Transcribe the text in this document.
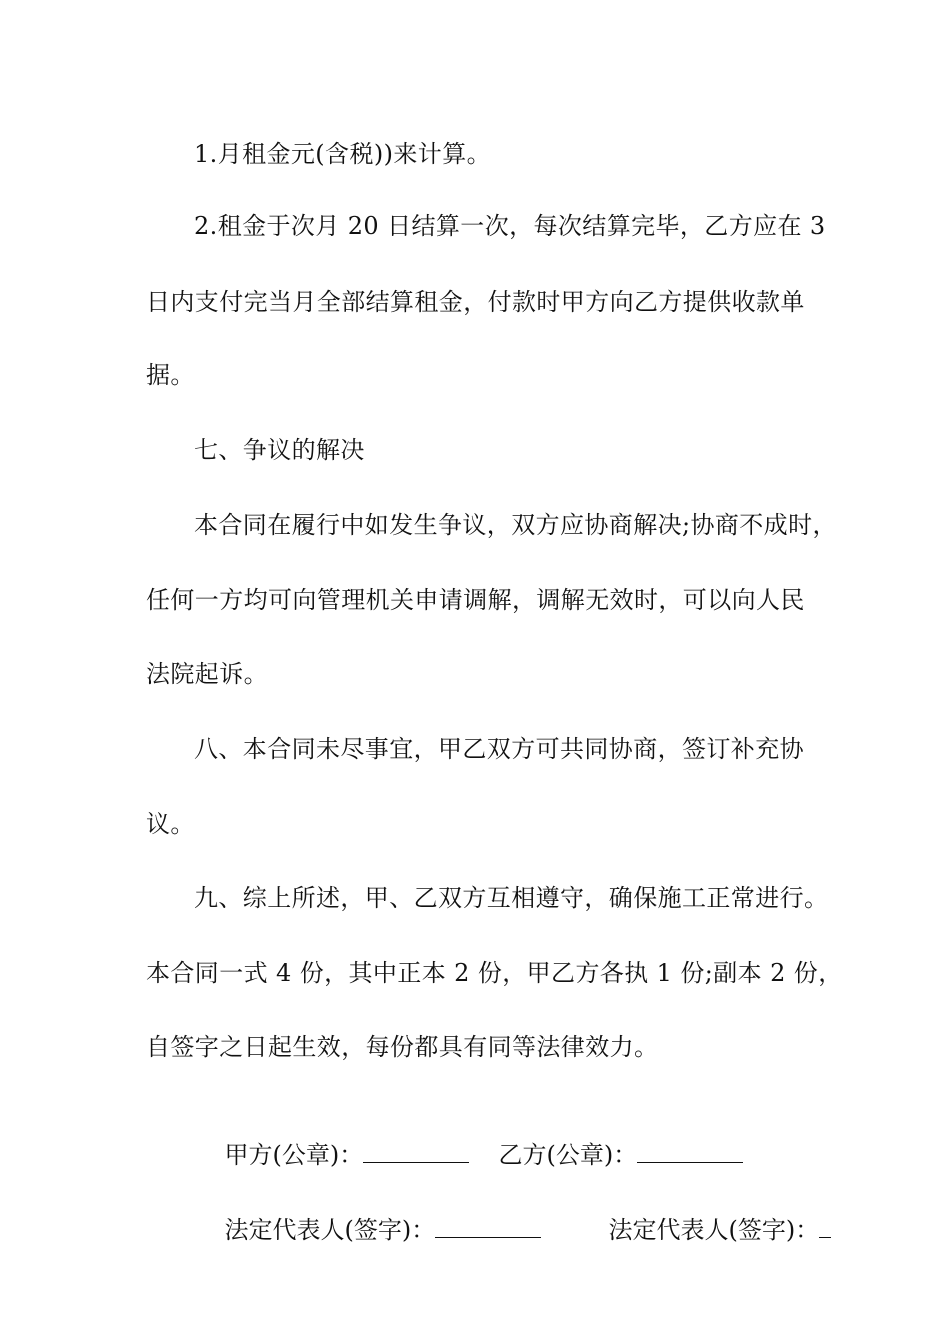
1.月租金元(含税))来计算。
2.租金于次月 20 日结算一次，每次结算完毕，乙方应在 3
日内支付完当月全部结算租金，付款时甲方向乙方提供收款单
据。
七、争议的解决
本合同在履行中如发生争议，双方应协商解决;协商不成时，
任何一方均可向管理机关申请调解，调解无效时，可以向人民
法院起诉。
八、本合同未尽事宜，甲乙双方可共同协商，签订补充协
议。
九、综上所述，甲、乙双方互相遵守，确保施工正常进行。
本合同一式 4 份，其中正本 2 份，甲乙方各执 1 份;副本 2 份，
自签字之日起生效，每份都具有同等法律效力。

甲方(公章)：
	乙方(公章)：

法定代表人(签字)：
	法定代表人(签字)：
